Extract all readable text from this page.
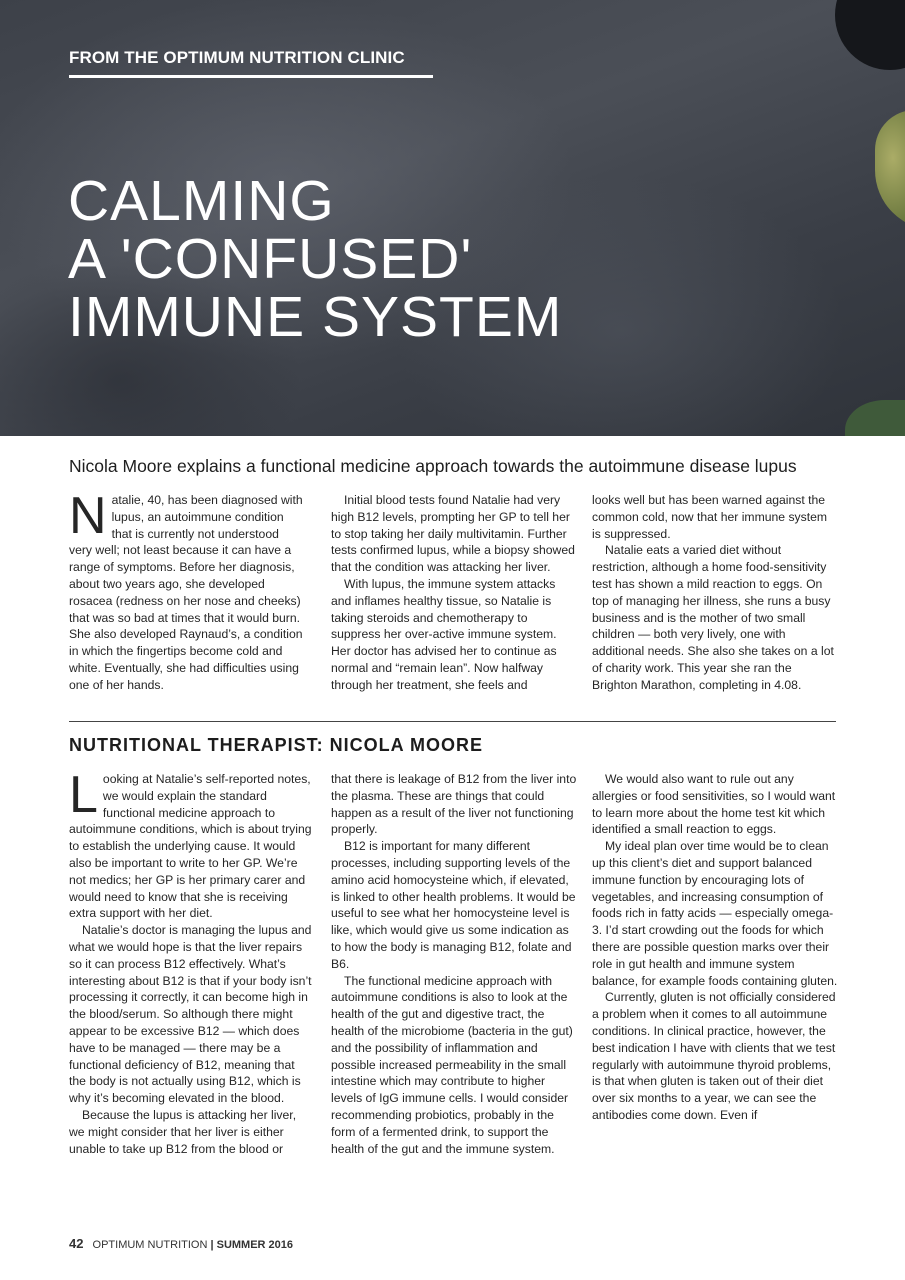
FROM THE OPTIMUM NUTRITION CLINIC
CALMING
A 'CONFUSED'
IMMUNE SYSTEM
Nicola Moore explains a functional medicine approach towards the autoimmune disease lupus

Natalie, 40, has been diagnosed with lupus, an autoimmune condition that is currently not understood very well; not least because it can have a range of symptoms. Before her diagnosis, about two years ago, she developed rosacea (redness on her nose and cheeks) that was so bad at times that it would burn. She also developed Raynaud’s, a condition in which the fingertips become cold and white. Eventually, she had difficulties using one of her hands.

Initial blood tests found Natalie had very high B12 levels, prompting her GP to tell her to stop taking her daily multivitamin. Further tests confirmed lupus, while a biopsy showed that the condition was attacking her liver.

With lupus, the immune system attacks and inflames healthy tissue, so Natalie is taking steroids and chemotherapy to suppress her over-active immune system. Her doctor has advised her to continue as normal and “remain lean”. Now halfway through her treatment, she feels and

looks well but has been warned against the common cold, now that her immune system is suppressed.

Natalie eats a varied diet without restriction, although a home food-sensitivity test has shown a mild reaction to eggs. On top of managing her illness, she runs a busy business and is the mother of two small children — both very lively, one with additional needs. She also she takes on a lot of charity work. This year she ran the Brighton Marathon, completing in 4.08.

NUTRITIONAL THERAPIST: NICOLA MOORE

Looking at Natalie’s self-reported notes, we would explain the standard functional medicine approach to autoimmune conditions, which is about trying to establish the underlying cause. It would also be important to write to her GP. We’re not medics; her GP is her primary carer and would need to know that she is receiving extra support with her diet.

Natalie’s doctor is managing the lupus and what we would hope is that the liver repairs so it can process B12 effectively. What’s interesting about B12 is that if your body isn’t processing it correctly, it can become high in the blood/serum. So although there might appear to be excessive B12 — which does have to be managed — there may be a functional deficiency of B12, meaning that the body is not actually using B12, which is why it’s becoming elevated in the blood.

Because the lupus is attacking her liver, we might consider that her liver is either unable to take up B12 from the blood or

that there is leakage of B12 from the liver into the plasma. These are things that could happen as a result of the liver not functioning properly.

B12 is important for many different processes, including supporting levels of the amino acid homocysteine which, if elevated, is linked to other health problems. It would be useful to see what her homocysteine level is like, which would give us some indication as to how the body is managing B12, folate and B6.

The functional medicine approach with autoimmune conditions is also to look at the health of the gut and digestive tract, the health of the microbiome (bacteria in the gut) and the possibility of inflammation and possible increased permeability in the small intestine which may contribute to higher levels of IgG immune cells. I would consider recommending probiotics, probably in the form of a fermented drink, to support the health of the gut and the immune system.

We would also want to rule out any allergies or food sensitivities, so I would want to learn more about the home test kit which identified a small reaction to eggs.

My ideal plan over time would be to clean up this client’s diet and support balanced immune function by encouraging lots of vegetables, and increasing consumption of foods rich in fatty acids — especially omega-3. I’d start crowding out the foods for which there are possible question marks over their role in gut health and immune system balance, for example foods containing gluten.

Currently, gluten is not officially considered a problem when it comes to all autoimmune conditions. In clinical practice, however, the best indication I have with clients that we test regularly with autoimmune thyroid problems, is that when gluten is taken out of their diet over six months to a year, we can see the antibodies come down. Even if

42 OPTIMUM NUTRITION | SUMMER 2016
